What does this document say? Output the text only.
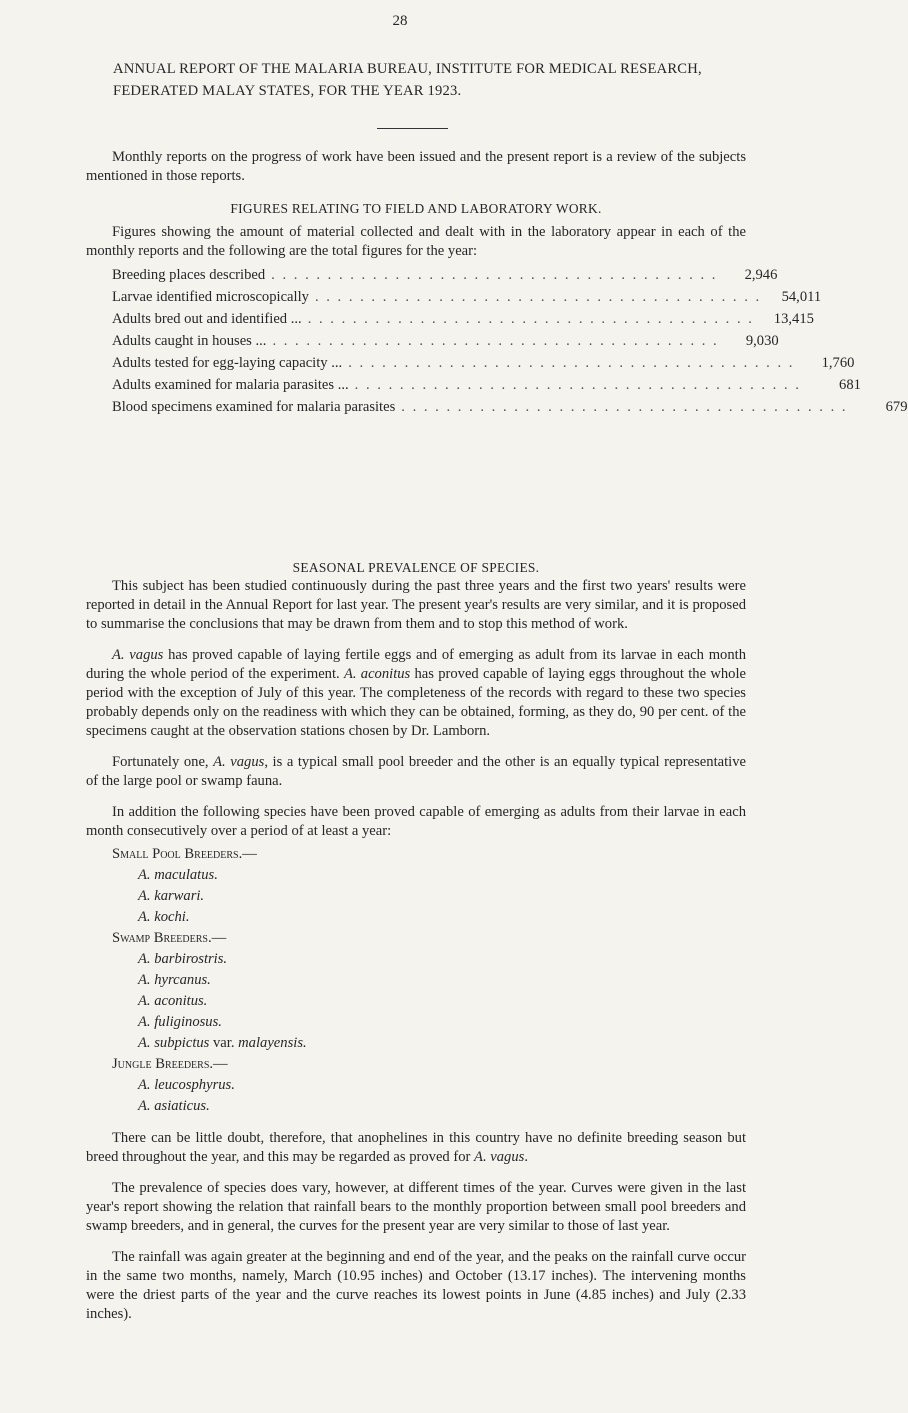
28
ANNUAL REPORT OF THE MALARIA BUREAU, INSTITUTE FOR MEDICAL RESEARCH, FEDERATED MALAY STATES, FOR THE YEAR 1923.

Monthly reports on the progress of work have been issued and the present report is a review of the subjects mentioned in those reports.

FIGURES RELATING TO FIELD AND LABORATORY WORK.

Figures showing the amount of material collected and dealt with in the laboratory appear in each of the monthly reports and the following are the total figures for the year:

Breeding places described . . . . . . . . . . . . . . . . . . . . . . . . . . . . . . . . . . . . . . . .	2,946
Larvae identified microscopically . . . . . . . . . . . . . . . . . . . . . . . . . . . . . . . . . . . . . . . .	54,011
Adults bred out and identified ... . . . . . . . . . . . . . . . . . . . . . . . . . . . . . . . . . . . . . . . .	13,415
Adults caught in houses ... . . . . . . . . . . . . . . . . . . . . . . . . . . . . . . . . . . . . . . . .	9,030
Adults tested for egg-laying capacity ... . . . . . . . . . . . . . . . . . . . . . . . . . . . . . . . . . . . . . . . .	1,760
Adults examined for malaria parasites ... . . . . . . . . . . . . . . . . . . . . . . . . . . . . . . . . . . . . . . . .	681
Blood specimens examined for malaria parasites . . . . . . . . . . . . . . . . . . . . . . . . . . . . . . . . . . . . . . . .	679

SEASONAL PREVALENCE OF SPECIES.

This subject has been studied continuously during the past three years and the first two years' results were reported in detail in the Annual Report for last year. The present year's results are very similar, and it is proposed to summarise the conclusions that may be drawn from them and to stop this method of work.

A. vagus has proved capable of laying fertile eggs and of emerging as adult from its larvae in each month during the whole period of the experiment. A. aconitus has proved capable of laying eggs throughout the whole period with the exception of July of this year. The completeness of the records with regard to these two species probably depends only on the readiness with which they can be obtained, forming, as they do, 90 per cent. of the specimens caught at the observation stations chosen by Dr. Lamborn.

Fortunately one, A. vagus, is a typical small pool breeder and the other is an equally typical representative of the large pool or swamp fauna.

In addition the following species have been proved capable of emerging as adults from their larvae in each month consecutively over a period of at least a year:

Small Pool Breeders.—
A. maculatus.
A. karwari.
A. kochi.
Swamp Breeders.—
A. barbirostris.
A. hyrcanus.
A. aconitus.
A. fuliginosus.
A. subpictus var. malayensis.
Jungle Breeders.—
A. leucosphyrus.
A. asiaticus.

There can be little doubt, therefore, that anophelines in this country have no definite breeding season but breed throughout the year, and this may be regarded as proved for A. vagus.

The prevalence of species does vary, however, at different times of the year. Curves were given in the last year's report showing the relation that rainfall bears to the monthly proportion between small pool breeders and swamp breeders, and in general, the curves for the present year are very similar to those of last year.

The rainfall was again greater at the beginning and end of the year, and the peaks on the rainfall curve occur in the same two months, namely, March (10.95 inches) and October (13.17 inches). The intervening months were the driest parts of the year and the curve reaches its lowest points in June (4.85 inches) and July (2.33 inches).
